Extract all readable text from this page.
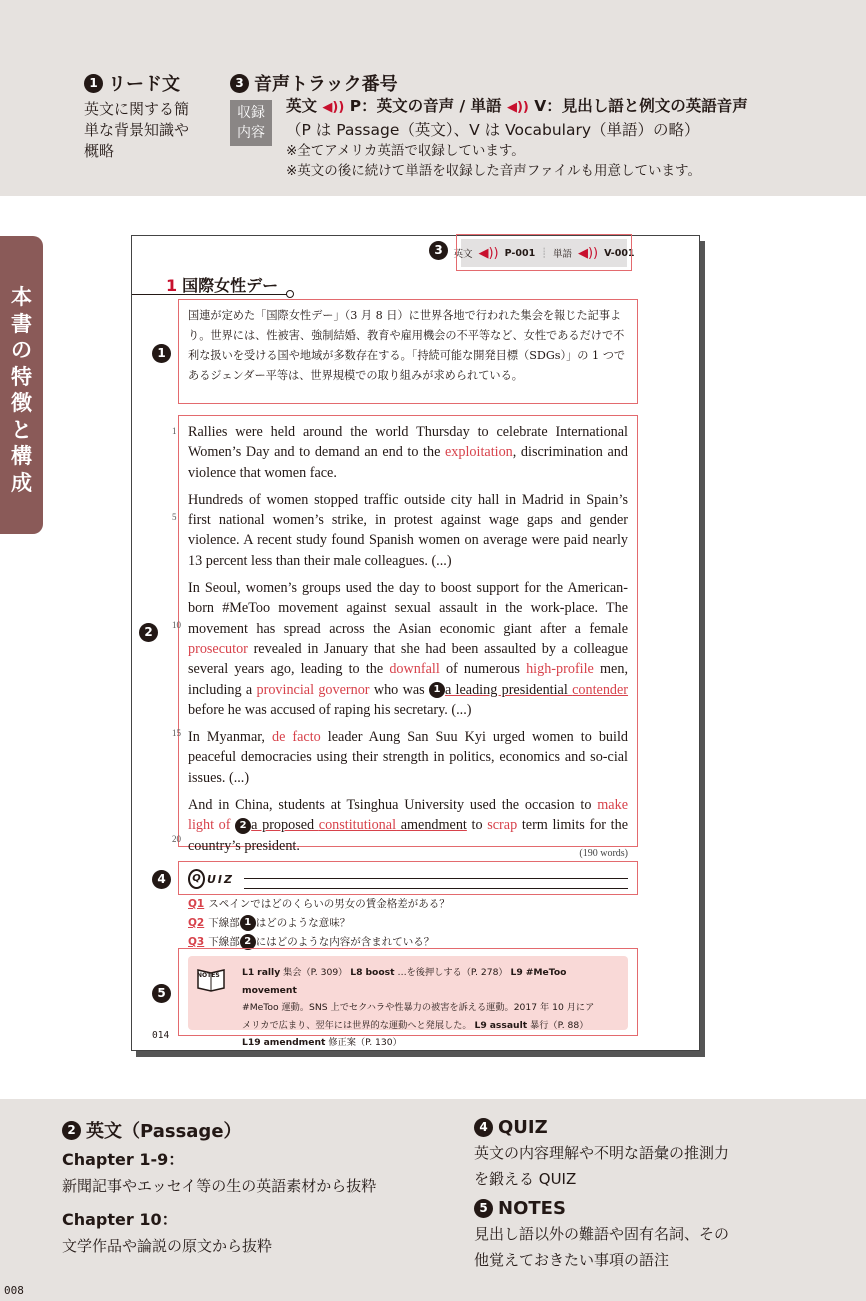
1 リード文
英文に関する簡
単な背景知識や
概略
3 音声トラック番号
収録
内容
英文 ◀)) P：英文の音声 / 単語 ◀)) V：見出し語と例文の英語音声
（P は Passage（英文）、V は Vocabulary（単語）の略）
※全てアメリカ英語で収録しています。
※英文の後に続けて単語を収録した音声ファイルも用意しています。
本
書
の
特
徴
と
構
成
英文 ◀)) P-001 ┊ 単語 ◀)) V-001
3
1 国際女性デー
1
国連が定めた「国際女性デー」（3 月 8 日）に世界各地で行われた集会を報じた記事より。世界には、性被害、強制結婚、教育や雇用機会の不平等など、女性であるだけで不利な扱いを受ける国や地域が多数存在する。「持続可能な開発目標（SDGs）」の 1 つであるジェンダー平等は、世界規模での取り組みが求められている。
2
1
5
10
15
20

Rallies were held around the world Thursday to celebrate International Women’s Day and to demand an end to the exploitation, discrimination and violence that women face.

Hundreds of women stopped traffic outside city hall in Madrid in Spain’s first national women’s strike, in protest against wage gaps and gender violence. A recent study found Spanish women on average were paid nearly 13 percent less than their male colleagues. (...)

In Seoul, women’s groups used the day to boost support for the American-born #MeToo movement against sexual assault in the work-place. The movement has spread across the Asian economic giant after a female prosecutor revealed in January that she had been assaulted by a colleague several years ago, leading to the downfall of numerous high-profile men, including a provincial governor who was 1 a leading presidential contender before he was accused of raping his secretary. (...)

In Myanmar, de facto leader Aung San Suu Kyi urged women to build peaceful democracies using their strength in politics, economics and so-cial issues. (...)

And in China, students at Tsinghua University used the occasion to make light of 2 a proposed constitutional amendment to scrap term limits for the country’s president.	(190 words)
4	Q UIZ
Q1 スペインではどのくらいの男女の賃金格差がある？
Q2 下線部 1 はどのような意味？
Q3 下線部 2 にはどのような内容が含まれている？
5
NOTES L1 rally 集会（P. 309） L8 boost …を後押しする（P. 278） L9 #MeToo movement
#MeToo 運動。SNS 上でセクハラや性暴力の被害を訴える運動。2017 年 10 月にア
メリカで広まり、翌年には世界的な運動へと発展した。 L9 assault 暴行（P. 88）
L19 amendment 修正案（P. 130）
014
2 英文（Passage）
Chapter 1-9：
新聞記事やエッセイ等の生の英語素材から抜粋
Chapter 10：
文学作品や論説の原文から抜粋
4 QUIZ
英文の内容理解や不明な語彙の推測力
を鍛える QUIZ
5 NOTES
見出し語以外の難語や固有名詞、その
他覚えておきたい事項の語注
008
